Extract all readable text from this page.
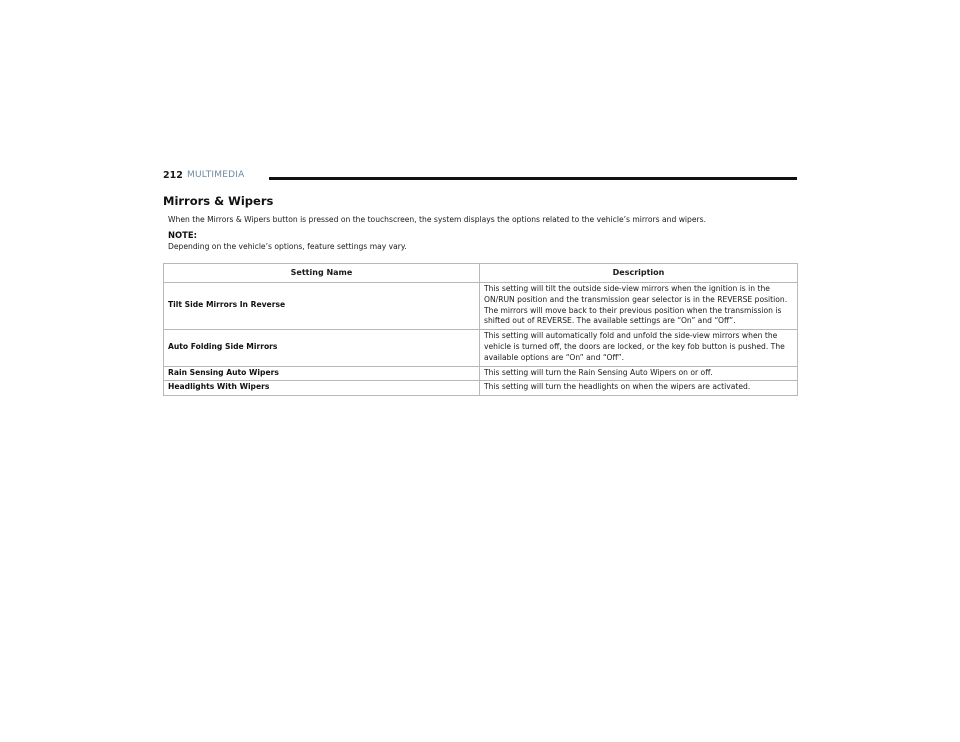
212 MULTIMEDIA
Mirrors & Wipers

When the Mirrors & Wipers button is pressed on the touchscreen, the system displays the options related to the vehicle’s mirrors and wipers.

NOTE:

Depending on the vehicle’s options, feature settings may vary.

Setting Name	Description
Tilt Side Mirrors In Reverse	This setting will tilt the outside side-view mirrors when the ignition is in the ON/RUN position and the transmission gear selector is in the REVERSE position. The mirrors will move back to their previous position when the transmission is shifted out of REVERSE. The available settings are “On” and “Off”.
Auto Folding Side Mirrors	This setting will automatically fold and unfold the side-view mirrors when the vehicle is turned off, the doors are locked, or the key fob button is pushed. The available options are “On” and “Off”.
Rain Sensing Auto Wipers	This setting will turn the Rain Sensing Auto Wipers on or off.
Headlights With Wipers	This setting will turn the headlights on when the wipers are activated.
